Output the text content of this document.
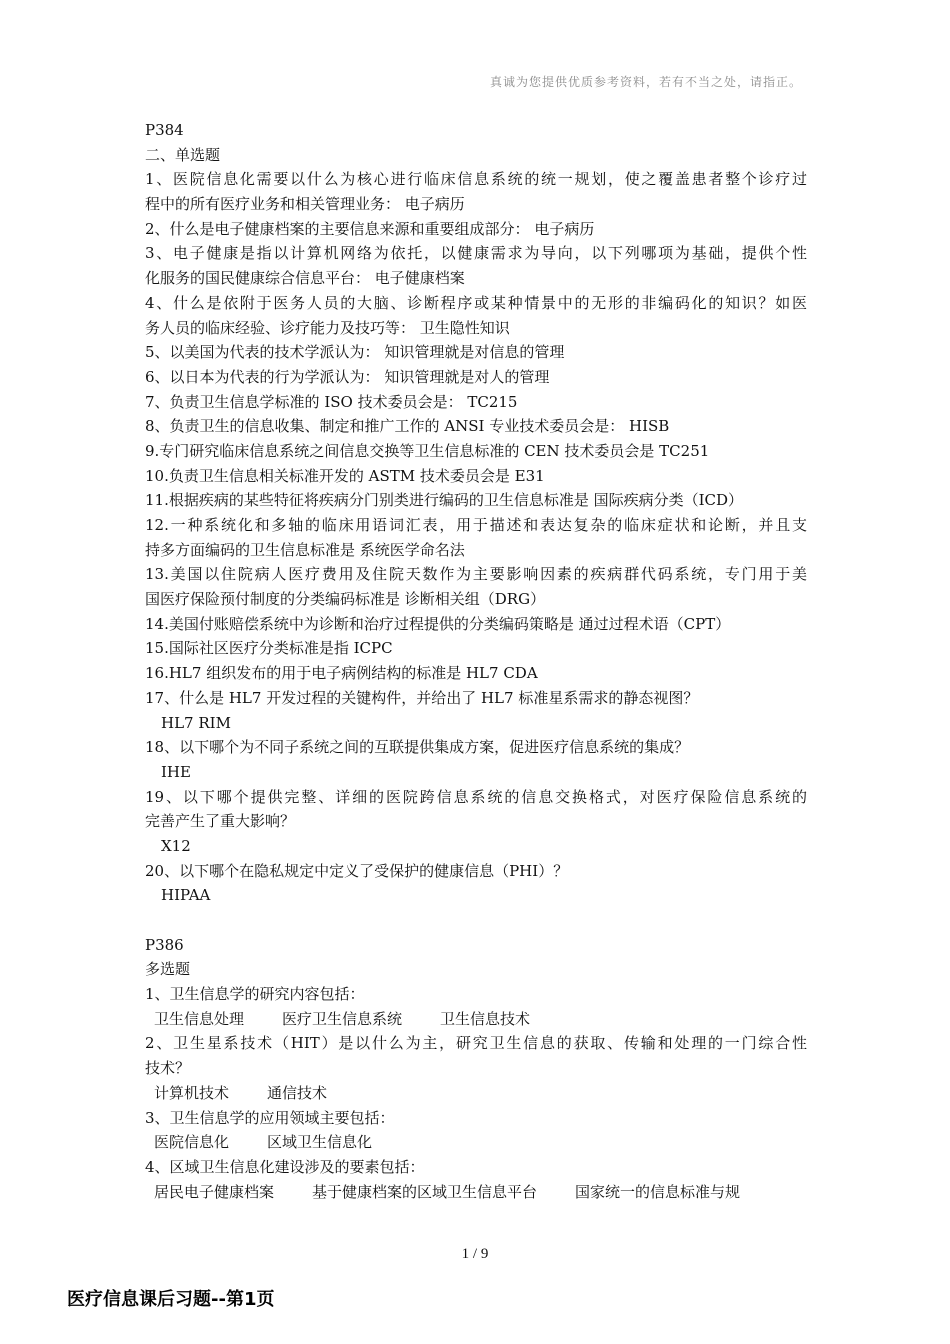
真诚为您提供优质参考资料，若有不当之处，请指正。
P384
二、单选题
1、医院信息化需要以什么为核心进行临床信息系统的统一规划，使之覆盖患者整个诊疗过
程中的所有医疗业务和相关管理业务： 电子病历
2、什么是电子健康档案的主要信息来源和重要组成部分： 电子病历
3、电子健康是指以计算机网络为依托，以健康需求为导向，以下列哪项为基础，提供个性
化服务的国民健康综合信息平台： 电子健康档案
4、什么是依附于医务人员的大脑、诊断程序或某种情景中的无形的非编码化的知识？如医
务人员的临床经验、诊疗能力及技巧等： 卫生隐性知识
5、以美国为代表的技术学派认为： 知识管理就是对信息的管理
6、以日本为代表的行为学派认为： 知识管理就是对人的管理
7、负责卫生信息学标准的 ISO 技术委员会是： TC215
8、负责卫生的信息收集、制定和推广工作的 ANSI 专业技术委员会是： HISB
9.专门研究临床信息系统之间信息交换等卫生信息标准的 CEN 技术委员会是 TC251
10.负责卫生信息相关标准开发的 ASTM 技术委员会是 E31
11.根据疾病的某些特征将疾病分门别类进行编码的卫生信息标准是 国际疾病分类（ICD）
12.一种系统化和多轴的临床用语词汇表，用于描述和表达复杂的临床症状和论断，并且支
持多方面编码的卫生信息标准是 系统医学命名法
13.美国以住院病人医疗费用及住院天数作为主要影响因素的疾病群代码系统，专门用于美
国医疗保险预付制度的分类编码标准是 诊断相关组（DRG）
14.美国付账赔偿系统中为诊断和治疗过程提供的分类编码策略是 通过过程术语（CPT）
15.国际社区医疗分类标准是指 ICPC
16.HL7 组织发布的用于电子病例结构的标准是 HL7 CDA
17、什么是 HL7 开发过程的关键构件，并给出了 HL7 标准星系需求的静态视图？
HL7 RIM
18、以下哪个为不同子系统之间的互联提供集成方案，促进医疗信息系统的集成？
IHE
19、以下哪个提供完整、详细的医院跨信息系统的信息交换格式，对医疗保险信息系统的
完善产生了重大影响？
X12
20、以下哪个在隐私规定中定义了受保护的健康信息（PHI）？
HIPAA
P386
多选题
1、卫生信息学的研究内容包括：
卫生信息处理	医疗卫生信息系统	卫生信息技术
2、卫生星系技术（HIT）是以什么为主，研究卫生信息的获取、传输和处理的一门综合性
技术？
计算机技术	通信技术
3、卫生信息学的应用领域主要包括：
医院信息化	区域卫生信息化
4、区域卫生信息化建设涉及的要素包括：
居民电子健康档案	基于健康档案的区域卫生信息平台	国家统一的信息标准与规
1 / 9
医疗信息课后习题--第1页
